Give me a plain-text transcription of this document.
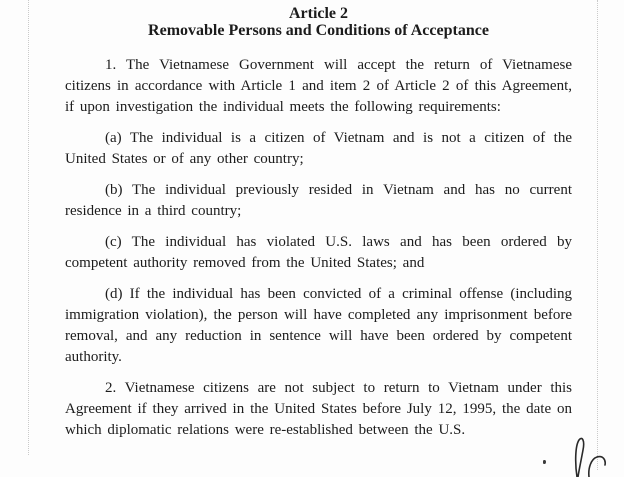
Article 2
Removable Persons and Conditions of Acceptance

1. The Vietnamese Government will accept the return of Vietnamese citizens in accordance with Article 1 and item 2 of Article 2 of this Agreement, if upon investigation the individual meets the following requirements:

(a) The individual is a citizen of Vietnam and is not a citizen of the United States or of any other country;

(b) The individual previously resided in Vietnam and has no current residence in a third country;

(c) The individual has violated U.S. laws and has been ordered by competent authority removed from the United States; and

(d) If the individual has been convicted of a criminal offense (including immigration violation), the person will have completed any imprisonment before removal, and any reduction in sentence will have been ordered by competent authority.

2. Vietnamese citizens are not subject to return to Vietnam under this Agreement if they arrived in the United States before July 12, 1995, the date on which diplomatic relations were re-established between the U.S.
